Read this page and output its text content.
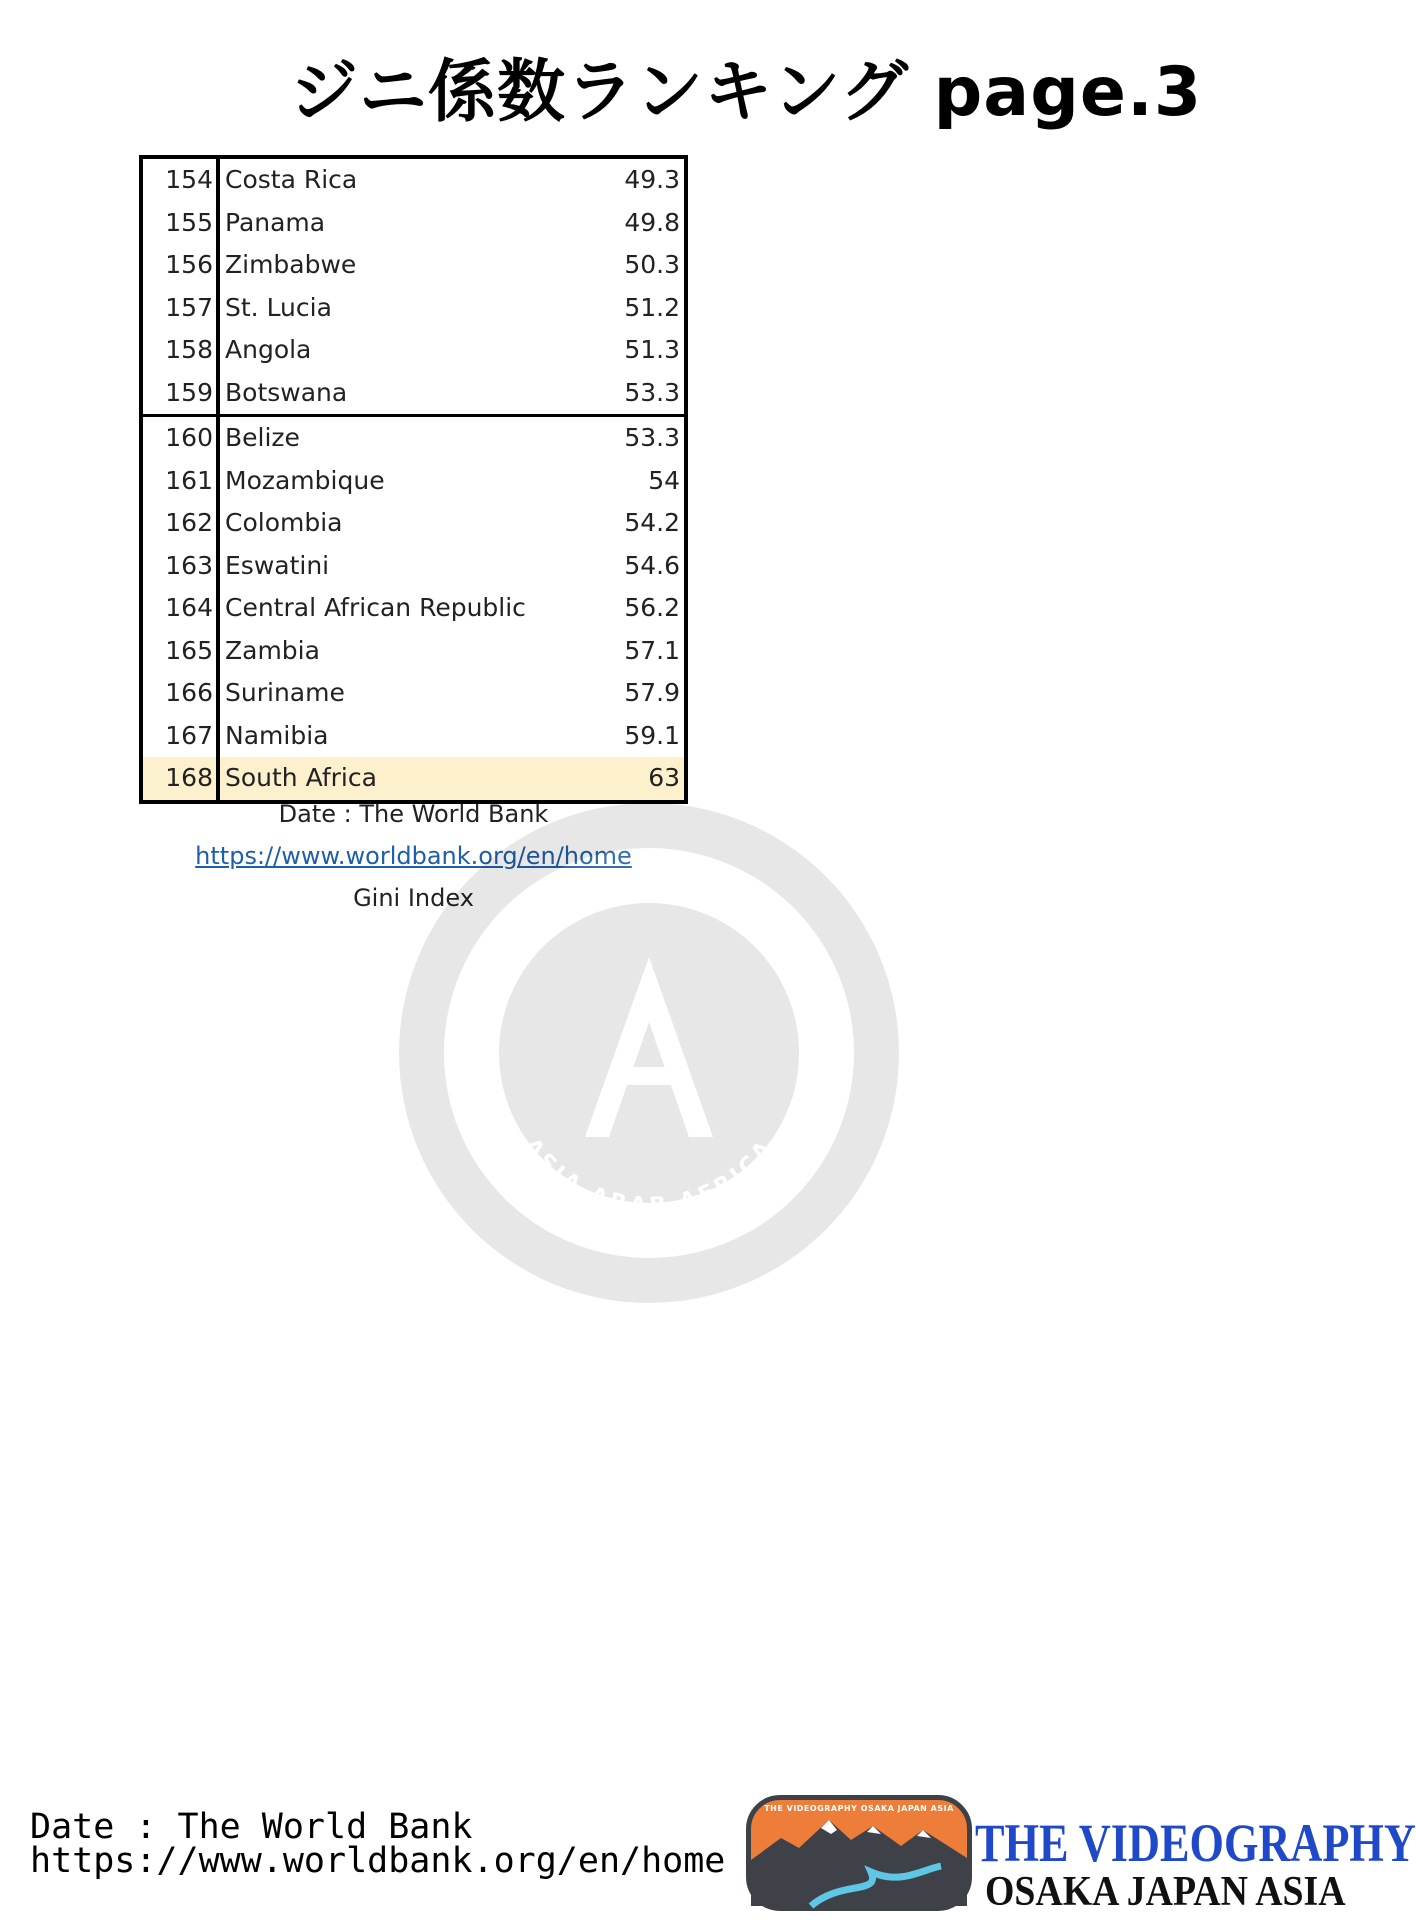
ジニ係数ランキング page.3
154 Costa Rica	49.3
155 Panama	49.8
156 Zimbabwe	50.3
157 St. Lucia	51.2
158 Angola	51.3
159 Botswana	53.3
160 Belize	53.3
161 Mozambique	54
162 Colombia	54.2
163 Eswatini	54.6
164 Central African Republic	56.2
165 Zambia	57.1
166 Suriname	57.9
167 Namibia	59.1
168 South Africa	63
Date : The World Bank
https://www.worldbank.org/en/home
Gini Index
AAANEWS JAPAN
ASIA ARAB AFRICA
Date : The World Bank
https://www.worldbank.org/en/home
THE VIDEOGRAPHY OSAKA JAPAN ASIA
THE VIDEOGRAPHY
OSAKA JAPAN ASIA
